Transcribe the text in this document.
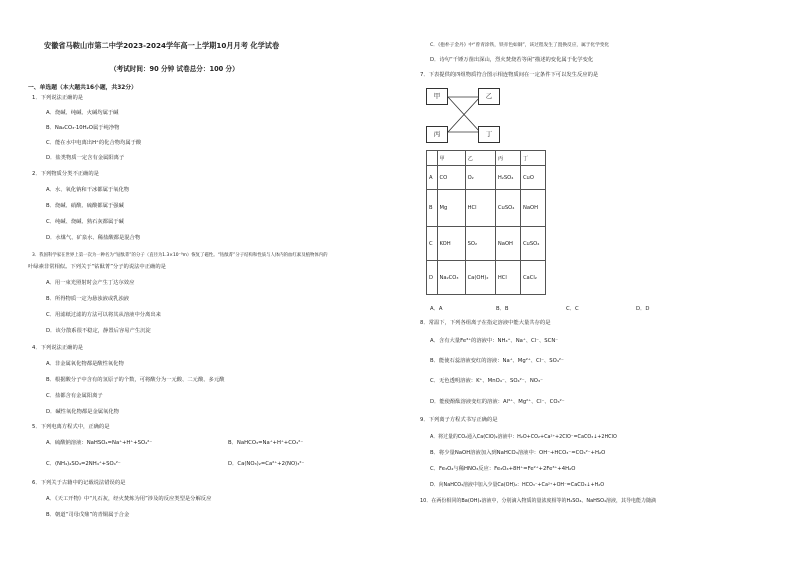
安徽省马鞍山市第二中学2023-2024学年高一上学期10月月考 化学试卷
（考试时间：90 分钟 试卷总分：100 分）
一、单选题（本大题共16小题，共32分）
1．下列说法正确的是
A．烧碱、纯碱、火碱均属于碱
B．Na₂CO₃·10H₂O属于纯净物
C．能在水中电离出H⁺的化合物均属于酸
D．盐类物质一定含有金属阳离子
2．下列物质分类不正确的是
A．水、氧化钠和干冰都属于氧化物
B．烧碱、硝酸、硫酸都属于强碱
C．纯碱、烧碱、熟石灰都属于碱
D．水煤气、矿泉水、稀盐酸都是混合物
3．我国科学家在世界上第一次为一种名为“钴酞菁”的分子（直径为1.3×10⁻⁹m）恢复了磁性。“钴酞菁”分子结构和性质与人体内的血红素及植物体内的
叶绿素非常相似。下列关于“钴酞菁”分子的说法中正确的是
A．用一束光照射时会产生丁达尔效应
B．所得物质一定为悬浊液或乳浊液
C．用滤纸过滤的方法可以将其从溶液中分离出来
D．该分散系很不稳定，静置后容易产生沉淀
4．下列说法正确的是
A．非金属氧化物都是酸性氧化物
B．根据酸分子中含有的氢原子的个数，可将酸分为一元酸、二元酸、多元酸
C．盐都含有金属阳离子
D．碱性氧化物都是金属氧化物
5．下列电离方程式中，正确的是
A．硫酸钠溶液：NaHSO₄=Na⁺+H⁺+SO₄²⁻	B．NaHCO₃=Na⁺+H⁺+CO₃²⁻
C．(NH₄)₂SO₄=2NH₄⁺+SO₄²⁻	D．Ca(NO₃)₂=Ca²⁺+2(NO)₃²⁻
6．下列关于古籍中的记载说法错误的是
A．《天工开物》中“凡石灰，经火焚炼为用”涉及的反应类型是分解反应
B．朝道“司母戊鼎”的青铜属于合金
C．《抱朴子金丹》中“曾青涂铁，铁赤色如铜”，该过程发生了置换反应，属于化学变化
D．诗句“千锤万凿出深山，烈火焚烧若等闲”描述的变化属于化学变化
7．下表提供的四组物质符合图示相连物质间在一定条件下可以发生反应的是
甲	乙
丙	丁
	甲	乙	丙	丁
A	CO	O₂	H₂SO₄	CuO
B	Mg	HCl	CuSO₄	NaOH
C	KOH	SO₂	NaOH	CuSO₄
D	Na₂CO₃	Ca(OH)₂	HCl	CaCl₂
A．A	B．B	C．C	D．D
8．常温下，下列各组离子在指定溶液中能大量共存的是
A．含有大量Fe³⁺的溶液中：NH₄⁺、Na⁺、Cl⁻、SCN⁻
B．能使石蕊溶液变红的溶液：Na⁺、Mg²⁺、Cl⁻、SO₄²⁻
C．无色透明溶液：K⁺、MnO₄⁻、SO₄²⁻、NO₃⁻
D．能使酚酞溶液变红的溶液：Al³⁺、Mg²⁺、Cl⁻、CO₃²⁻
9．下列离子方程式书写正确的是
A．将过量的CO₂通入Ca(ClO)₂溶液中：H₂O+CO₂+Ca²⁺+2ClO⁻=CaCO₃↓+2HClO
B．将少量NaOH溶液加入到NaHCO₃溶液中：OH⁻+HCO₃⁻=CO₃²⁻+H₂O
C．Fe₃O₄与稀HNO₃反应：Fe₃O₄+8H⁺=Fe²⁺+2Fe³⁺+4H₂O
D．向NaHCO₃溶液中加入少量Ca(OH)₂：HCO₃⁻+Ca²⁺+OH⁻=CaCO₃↓+H₂O
10．在两份相同的Ba(OH)₂溶液中，分别滴入物质的量浓度相等的H₂SO₄、NaHSO₄溶液，其导电能力随滴
